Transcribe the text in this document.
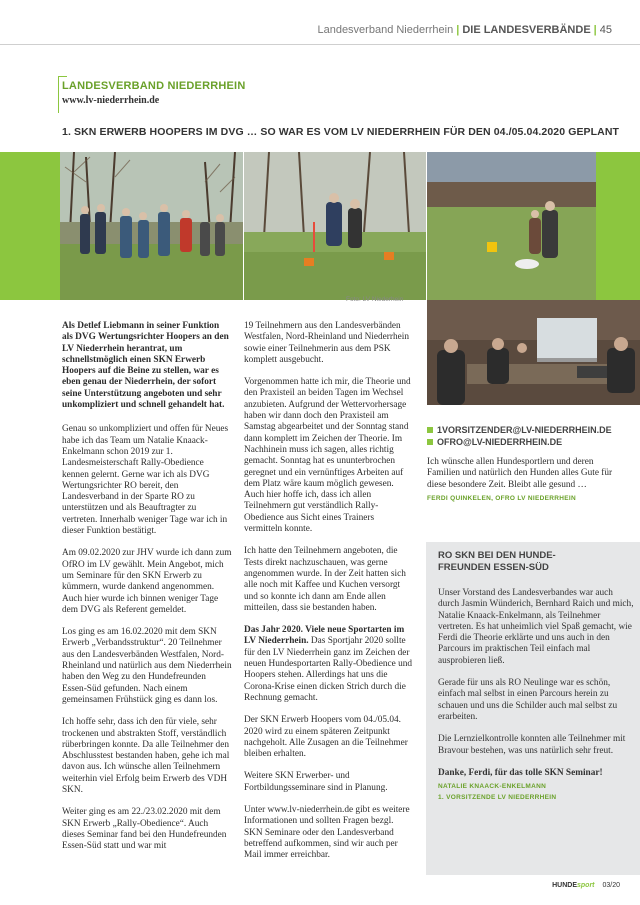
Landesverband Niederrhein | DIE LANDESVERBÄNDE | 45
LANDESVERBAND NIEDERRHEIN
www.lv-niederrhein.de
1. SKN ERWERB HOOPERS IM DVG … SO WAR ES VOM LV NIEDERRHEIN FÜR DEN 04./05.04.2020 GEPLANT
Foto: LV Niederhein

Als Detlef Liebmann in seiner Funktion als DVG Wertungsrichter Hoopers an den LV Niederrhein herantrat, um schnellstmöglich einen SKN Erwerb Hoopers auf die Beine zu stellen, war es eben genau der Niederrhein, der sofort seine Unterstützung angeboten und sehr unkompliziert und schnell gehandelt hat.

Genau so unkompliziert und offen für Neues habe ich das Team um Natalie Knaack-Enkelmann schon 2019 zur 1. Landesmeisterschaft Rally-Obedience kennen gelernt. Gerne war ich als DVG Wertungsrichter RO bereit, den Landesverband in der Sparte RO zu unterstützen und als Beauftragter zu vertreten. Innerhalb weniger Tage war ich in dieser Funktion bestätigt.

Am 09.02.2020 zur JHV wurde ich dann zum OfRO im LV gewählt. Mein Angebot, mich um Seminare für den SKN Erwerb zu kümmern, wurde dankend angenommen. Auch hier wurde ich binnen weniger Tage dem DVG als Referent gemeldet.

Los ging es am 16.02.2020 mit dem SKN Erwerb „Verbandsstruktur“. 20 Teilnehmer aus den Landesverbänden Westfalen, Nord-Rheinland und natürlich aus dem Niederrhein haben den Weg zu den Hundefreunden Essen-Süd gefunden. Nach einem gemeinsamen Frühstück ging es dann los.

Ich hoffe sehr, dass ich den für viele, sehr trockenen und abstrakten Stoff, verständlich rüberbringen konnte. Da alle Teilnehmer den Abschlusstest bestanden haben, gehe ich mal davon aus. Ich wünsche allen Teilnehmern weiterhin viel Erfolg beim Erwerb des VDH SKN.

Weiter ging es am 22./23.02.2020 mit dem SKN Erwerb „Rally-Obedience“. Auch dieses Seminar fand bei den Hundefreunden Essen-Süd statt und war mit

19 Teilnehmern aus den Landesverbänden Westfalen, Nord-Rheinland und Niederrhein sowie einer Teilnehmerin aus dem PSK komplett ausgebucht.

Vorgenommen hatte ich mir, die Theorie und den Praxisteil an beiden Tagen im Wechsel anzubieten. Aufgrund der Wettervorhersage haben wir dann doch den Praxisteil am Samstag abgearbeitet und der Sonntag stand dann komplett im Zeichen der Theorie. Im Nachhinein muss ich sagen, alles richtig gemacht. Sonntag hat es ununterbrochen geregnet und ein vernünftiges Arbeiten auf dem Platz wäre kaum möglich gewesen. Auch hier hoffe ich, dass ich allen Teilnehmern gut verständlich Rally-Obedience aus Sicht eines Trainers vermitteln konnte.

Ich hatte den Teilnehmern angeboten, die Tests direkt nachzuschauen, was gerne angenommen wurde. In der Zeit hatten sich alle noch mit Kaffee und Kuchen versorgt und so konnte ich dann am Ende allen mitteilen, dass sie bestanden haben.

Das Jahr 2020. Viele neue Sportarten im LV Niederrhein. Das Sportjahr 2020 sollte für den LV Niederrhein ganz im Zeichen der neuen Hundesportarten Rally-Obedience und Hoopers stehen. Allerdings hat uns die Corona-Krise einen dicken Strich durch die Rechnung gemacht.

Der SKN Erwerb Hoopers vom 04./05.04. 2020 wird zu einem späteren Zeitpunkt nachgeholt. Alle Zusagen an die Teilnehmer bleiben erhalten.

Weitere SKN Erwerber- und Fortbildungsseminare sind in Planung.

Unter www.lv-niederrhein.de gibt es weitere Informationen und sollten Fragen bezgl. SKN Seminare oder den Landesverband betreffend aufkommen, sind wir auch per Mail immer erreichbar.

1VORSITZENDER@LV-NIEDERRHEIN.DE
OFRO@LV-NIEDERRHEIN.DE

Ich wünsche allen Hundesportlern und deren Familien und natürlich den Hunden alles Gute für diese besondere Zeit. Bleibt alle gesund …

FERDI QUINKELEN, OFRO LV NIEDERRHEIN
RO SKN BEI DEN HUNDE-
FREUNDEN ESSEN-SÜD

Unser Vorstand des Landesverbandes war auch durch Jasmin Wünderich, Bernhard Raich und mich, Natalie Knaack-Enkelmann, als Teilnehmer vertreten. Es hat unheimlich viel Spaß gemacht, wie Ferdi die Theorie erklärte und uns auch in den Parcours im praktischen Teil einfach mal ausprobieren ließ.

Gerade für uns als RO Neulinge war es schön, einfach mal selbst in einen Parcours herein zu schauen und uns die Schilder auch mal selbst zu erarbeiten.

Die Lernzielkontrolle konnten alle Teilnehmer mit Bravour bestehen, was uns natürlich sehr freut.

Danke, Ferdi, für das tolle SKN Seminar!

NATALIE KNAACK-ENKELMANN
1. VORSITZENDE LV NIEDERRHEIN
HUNDEsport 03/20
